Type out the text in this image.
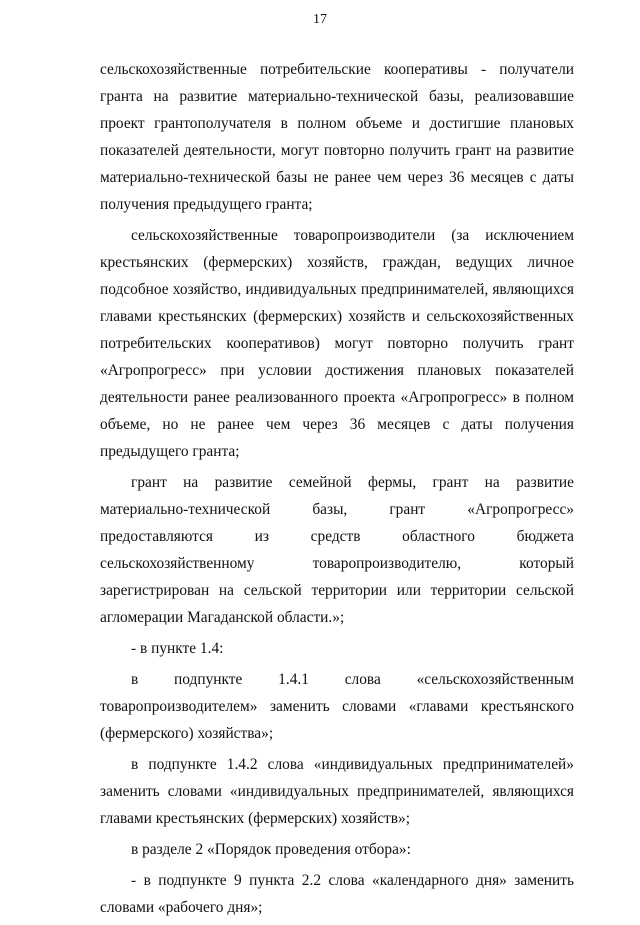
17

сельскохозяйственные потребительские кооперативы - получатели гранта на развитие материально-технической базы, реализовавшие проект грантополучателя в полном объеме и достигшие плановых показателей деятельности, могут повторно получить грант на развитие материально-технической базы не ранее чем через 36 месяцев с даты получения предыдущего гранта;

сельскохозяйственные товаропроизводители (за исключением крестьянских (фермерских) хозяйств, граждан, ведущих личное подсобное хозяйство, индивидуальных предпринимателей, являющихся главами крестьянских (фермерских) хозяйств и сельскохозяйственных потребительских кооперативов) могут повторно получить грант «Агропрогресс» при условии достижения плановых показателей деятельности ранее реализованного проекта «Агропрогресс» в полном объеме, но не ранее чем через 36 месяцев с даты получения предыдущего гранта;

грант на развитие семейной фермы, грант на развитие материально-технической базы, грант «Агропрогресс» предоставляются из средств областного бюджета сельскохозяйственному товаропроизводителю, который зарегистрирован на сельской территории или территории сельской агломерации Магаданской области.»;

- в пункте 1.4:

в подпункте 1.4.1 слова «сельскохозяйственным товаропроизводителем» заменить словами «главами крестьянского (фермерского) хозяйства»;

в подпункте 1.4.2 слова «индивидуальных предпринимателей» заменить словами «индивидуальных предпринимателей, являющихся главами крестьянских (фермерских) хозяйств»;

в разделе 2 «Порядок проведения отбора»:

- в подпункте 9 пункта 2.2 слова «календарного дня» заменить словами «рабочего дня»;
